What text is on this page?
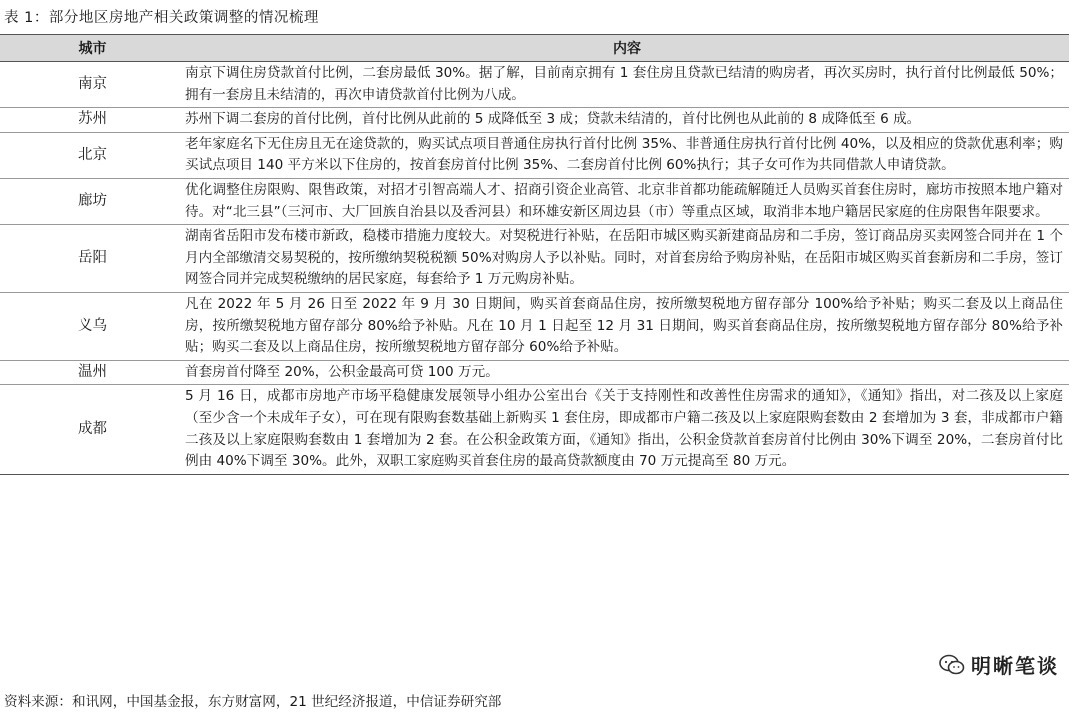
表 1：部分地区房地产相关政策调整的情况梳理
城市	内容
南京	南京下调住房贷款首付比例，二套房最低 30%。据了解，目前南京拥有 1 套住房且贷款已结清的购房者，再次买房时，执行首付比例最低 50%；拥有一套房且未结清的，再次申请贷款首付比例为八成。
苏州	苏州下调二套房的首付比例，首付比例从此前的 5 成降低至 3 成；贷款未结清的，首付比例也从此前的 8 成降低至 6 成。
北京	老年家庭名下无住房且无在途贷款的，购买试点项目普通住房执行首付比例 35%、非普通住房执行首付比例 40%，以及相应的贷款优惠利率；购买试点项目 140 平方米以下住房的，按首套房首付比例 35%、二套房首付比例 60%执行；其子女可作为共同借款人申请贷款。
廊坊	优化调整住房限购、限售政策，对招才引智高端人才、招商引资企业高管、北京非首都功能疏解随迁人员购买首套住房时，廊坊市按照本地户籍对待。对“北三县”（三河市、大厂回族自治县以及香河县）和环雄安新区周边县（市）等重点区域，取消非本地户籍居民家庭的住房限售年限要求。
岳阳	湖南省岳阳市发布楼市新政，稳楼市措施力度较大。对契税进行补贴，在岳阳市城区购买新建商品房和二手房，签订商品房买卖网签合同并在 1 个月内全部缴清交易契税的，按所缴纳契税税额 50%对购房人予以补贴。同时，对首套房给予购房补贴，在岳阳市城区购买首套新房和二手房，签订网签合同并完成契税缴纳的居民家庭，每套给予 1 万元购房补贴。
义乌	凡在 2022 年 5 月 26 日至 2022 年 9 月 30 日期间，购买首套商品住房，按所缴契税地方留存部分 100%给予补贴；购买二套及以上商品住房，按所缴契税地方留存部分 80%给予补贴。凡在 10 月 1 日起至 12 月 31 日期间，购买首套商品住房，按所缴契税地方留存部分 80%给予补贴；购买二套及以上商品住房，按所缴契税地方留存部分 60%给予补贴。
温州	首套房首付降至 20%，公积金最高可贷 100 万元。
成都	5 月 16 日，成都市房地产市场平稳健康发展领导小组办公室出台《关于支持刚性和改善性住房需求的通知》，《通知》指出，对二孩及以上家庭（至少含一个未成年子女），可在现有限购套数基础上新购买 1 套住房，即成都市户籍二孩及以上家庭限购套数由 2 套增加为 3 套，非成都市户籍二孩及以上家庭限购套数由 1 套增加为 2 套。在公积金政策方面，《通知》指出，公积金贷款首套房首付比例由 30%下调至 20%，二套房首付比例由 40%下调至 30%。此外，双职工家庭购买首套住房的最高贷款额度由 70 万元提高至 80 万元。
资料来源：和讯网，中国基金报，东方财富网，21 世纪经济报道，中信证券研究部
明晰笔谈
